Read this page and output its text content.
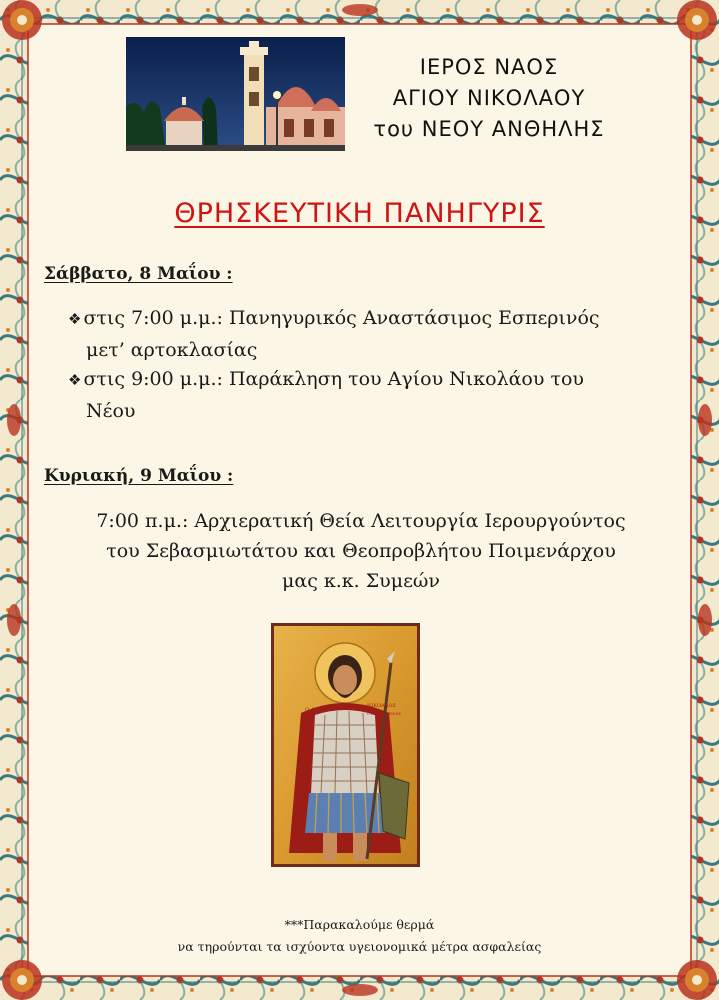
ΙΕΡΟΣ ΝΑΟΣ
ΑΓΙΟΥ ΝΙΚΟΛΑΟΥ
του ΝΕΟΥ ΑΝΘΗΛΗΣ
ΘΡΗΣΚΕΥΤΙΚΗ ΠΑΝΗΓΥΡΙΣ
Σάββατο, 8 Μαΐου :
❖ στις 7:00 μ.μ.: Πανηγυρικός Αναστάσιμος Εσπερινός
μετ’ αρτοκλασίας
❖ στις 9:00 μ.μ.: Παράκληση του Αγίου Νικολάου του
Νέου
Κυριακή, 9 Μαΐου :
7:00 π.μ.: Αρχιερατική Θεία Λειτουργία Ιερουργούντος
του Σεβασμιωτάτου και Θεοπροβλήτου Ποιμενάρχου
μας κ.κ. Συμεών
Ο ΑΓΙΟΣ
ΝΙΚΟΛΑΟΣ
Ο ΕΝ ΒΟΥΝΕΝΟΙΣ
***Παρακαλούμε θερμά
να τηρούνται τα ισχύοντα υγειονομικά μέτρα ασφαλείας
